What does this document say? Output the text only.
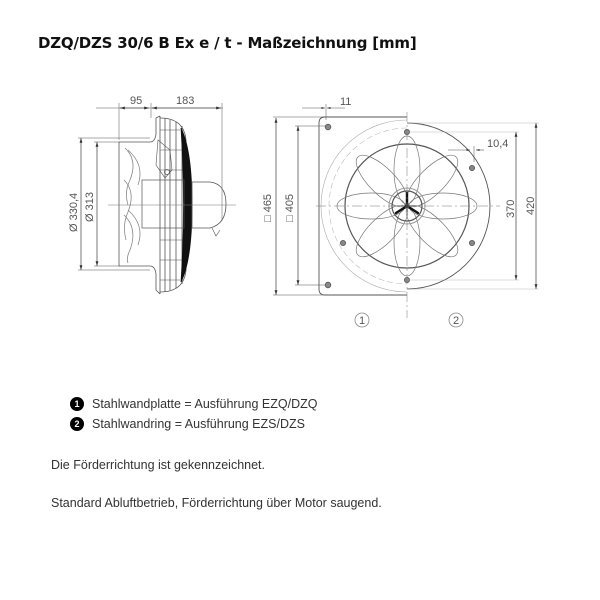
DZQ/DZS 30/6 B Ex e / t - Maßzeichnung [mm]
95	183
Ø 330,4 Ø 313
11
10,4
□ 465 □ 405	370 420
1	2
1	Stahlwandplatte = Ausführung EZQ/DZQ
2	Stahlwandring = Ausführung EZS/DZS
Die Förderrichtung ist gekennzeichnet.
Standard Abluftbetrieb, Förderrichtung über Motor saugend.
